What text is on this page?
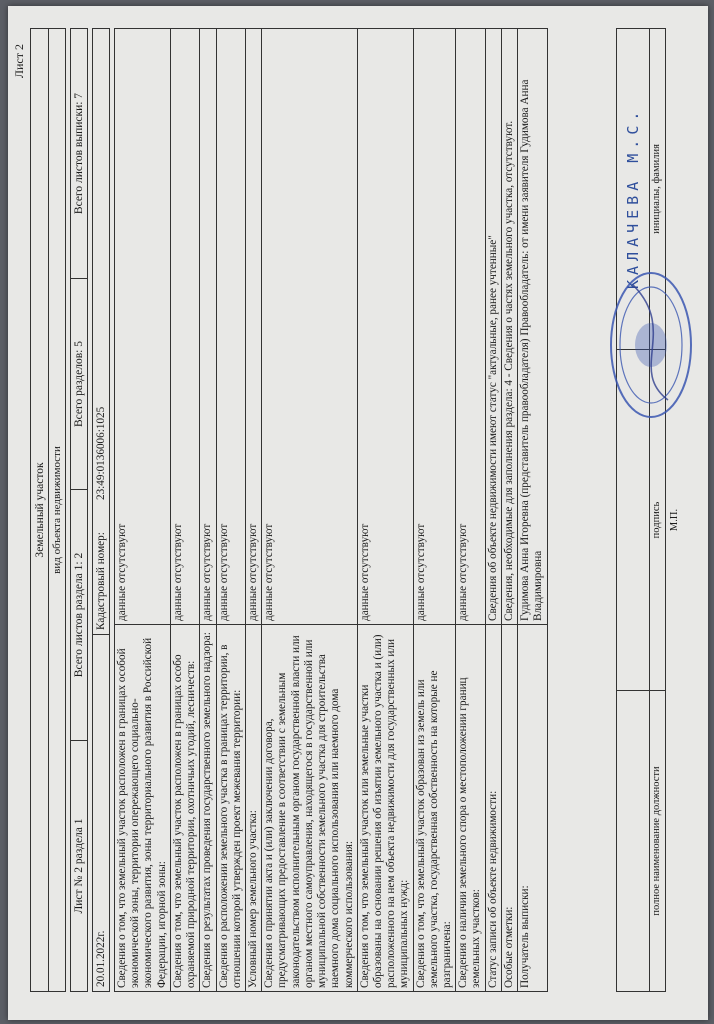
Лист 2
Земельный участок вид объекта недвижимости
Лист № 2 раздела 1
Всего листов раздела 1: 2
Всего разделов: 5
Всего листов выписки: 7
20.01.2022г.
Кадастровый номер:
23:49:0136006:1025
Сведения о том, что земельный участок расположен в границах особой экономической зоны, территории опережающего социально-экономического развития, зоны территориального развития в Российской Федерации, игорной зоны:	данные отсутствуют
Сведения о том, что земельный участок расположен в границах особо охраняемой природной территории, охотничьих угодий, лесничеств:	данные отсутствуют
Сведения о результатах проведения государственного земельного надзора:	данные отсутствуют
Сведения о расположении земельного участка в границах территории, в отношении которой утвержден проект межевания территории:	данные отсутствуют
Условный номер земельного участка:	данные отсутствуют
Сведения о принятии акта и (или) заключении договора, предусматривающих предоставление в соответствии с земельным законодательством исполнительным органом государственной власти или органом местного самоуправления, находящегося в государственной или муниципальной собственности земельного участка для строительства наемного дома социального использования или наемного дома коммерческого использования:	данные отсутствуют
Сведения о том, что земельный участок или земельные участки образованы на основании решения об изъятии земельного участка и (или) расположенного на нем объекта недвижимости для государственных или муниципальных нужд:	данные отсутствуют
Сведения о том, что земельный участок образован из земель или земельного участка, государственная собственность на которые не разграничена:	данные отсутствуют
Сведения о наличии земельного спора о местоположении границ земельных участков:	данные отсутствуют
Статус записи об объекте недвижимости:	Сведения об объекте недвижимости имеют статус "актуальные, ранее учтенные"
Особые отметки:	Сведения, необходимые для заполнения раздела: 4 - Сведения о частях земельного участка, отсутствуют.
Получатель выписки:	Гудимова Анна Игоревна (представитель правообладателя) Правообладатель: от имени заявителя Гудимова Анна Владимировна
полное наименование должности
подпись М.П.
КАЛАЧЕВА М.С. инициалы, фамилия
